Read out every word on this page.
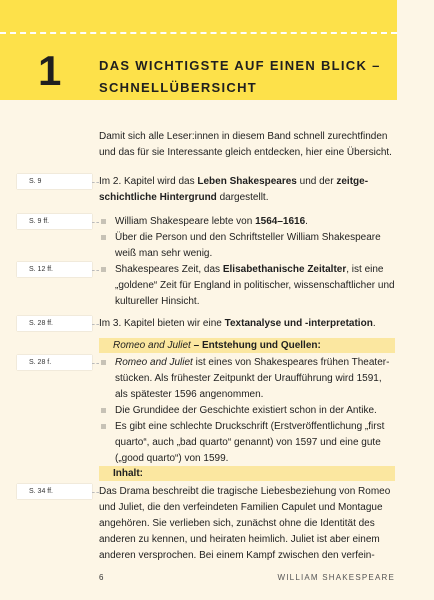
1	DAS WICHTIGSTE AUF EINEN BLICK –
SCHNELLÜBERSICHT
Damit sich alle Leser:innen in diesem Band schnell zurechtfinden und das für sie Interessante gleich entdecken, hier eine Übersicht.
S. 9	Im 2. Kapitel wird das Leben Shakespeares und der zeitgeschichtliche Hintergrund dargestellt.
S. 9 ff.	William Shakespeare lebte von 1564–1616.
Über die Person und den Schriftsteller William Shakespeare weiß man sehr wenig.
S. 12 ff.	Shakespeares Zeit, das Elisabethanische Zeitalter, ist eine „goldene“ Zeit für England in politischer, wissenschaftlicher und kultureller Hinsicht.
S. 28 ff.	Im 3. Kapitel bieten wir eine Textanalyse und -interpretation.
Romeo and Juliet – Entstehung und Quellen:
S. 28 f.	Romeo and Juliet ist eines von Shakespeares frühen Theaterstücken. Als frühester Zeitpunkt der Uraufführung wird 1591, als spätester 1596 angenommen.
Die Grundidee der Geschichte existiert schon in der Antike.
Es gibt eine schlechte Druckschrift (Erstveröffentlichung „first quarto“, auch „bad quarto“ genannt) von 1597 und eine gute („good quarto“) von 1599.
Inhalt:
S. 34 ff.	Das Drama beschreibt die tragische Liebesbeziehung von Romeo und Juliet, die den verfeindeten Familien Capulet und Montague angehören. Sie verlieben sich, zunächst ohne die Identität des anderen zu kennen, und heiraten heimlich. Juliet ist aber einem anderen versprochen. Bei einem Kampf zwischen den verfein-
6	WILLIAM SHAKESPEARE
